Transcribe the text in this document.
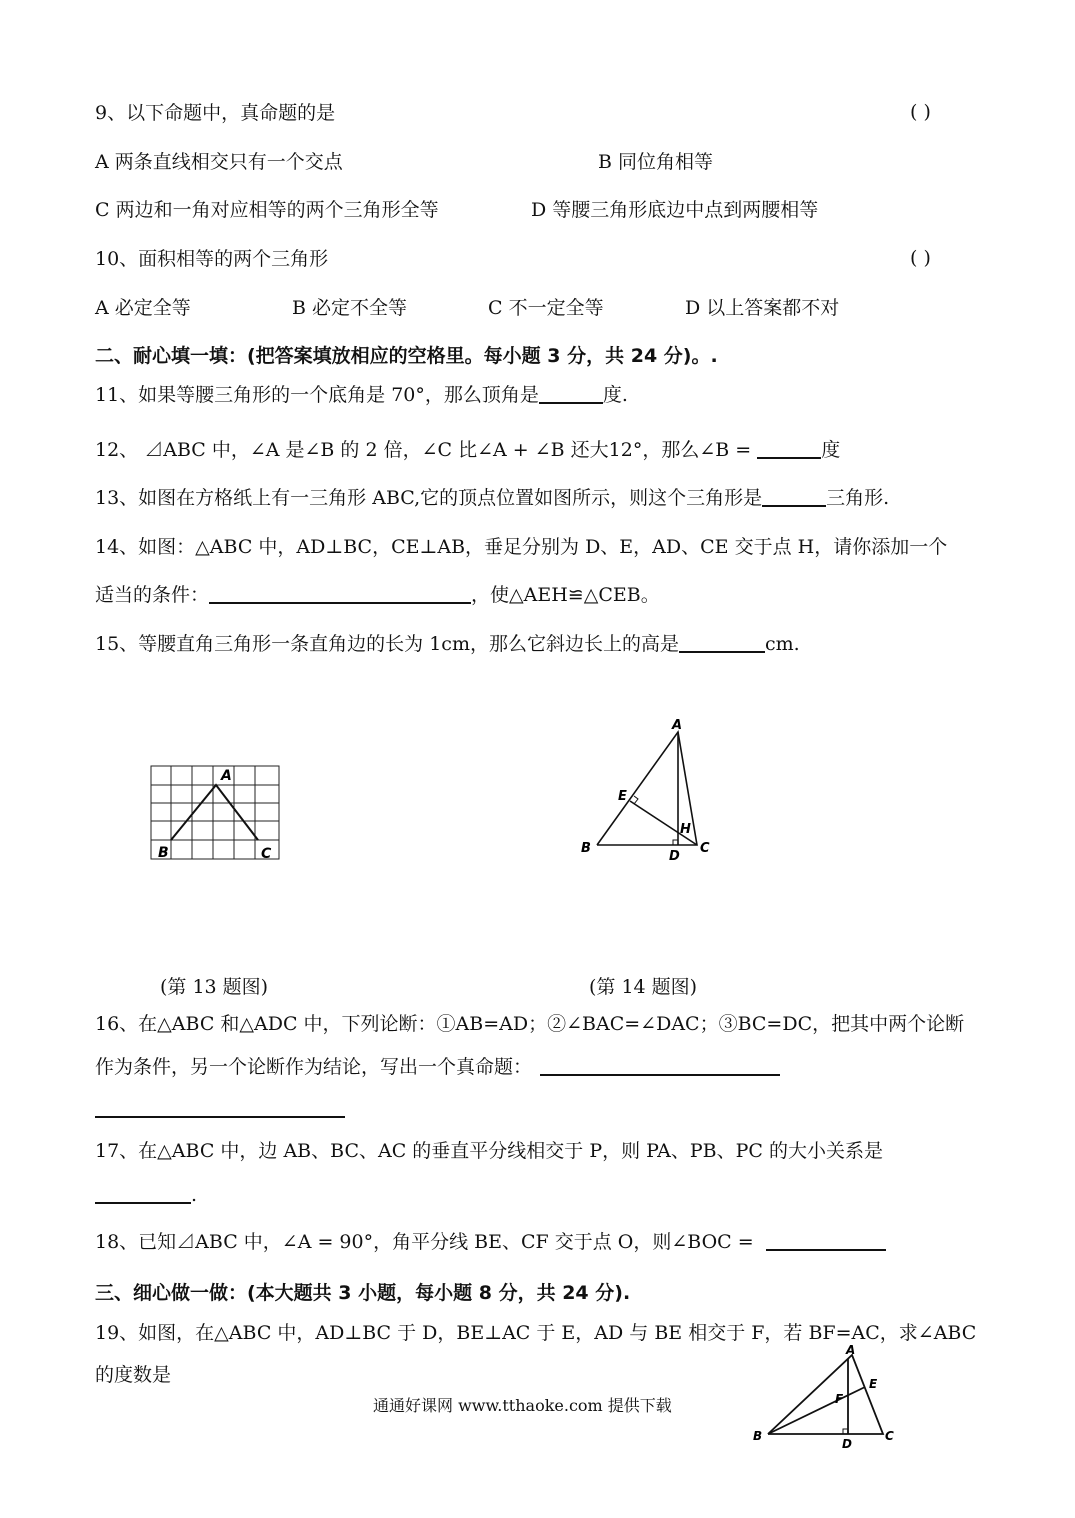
9、以下命题中，真命题的是	( )
A 两条直线相交只有一个交点	B 同位角相等
C 两边和一角对应相等的两个三角形全等	D 等腰三角形底边中点到两腰相等
10、面积相等的两个三角形	( )
A 必定全等	B 必定不全等	C 不一定全等	D 以上答案都不对
二、耐心填一填：(把答案填放相应的空格里。每小题 3 分，共 24 分)。.
11、如果等腰三角形的一个底角是 70°，那么顶角是	度.
12、 ⊿ABC 中，∠A 是∠B 的 2 倍，∠C 比∠A + ∠B 还大12°，那么∠B =	度
13、如图在方格纸上有一三角形 ABC,它的顶点位置如图所示，则这个三角形是	三角形.
14、如图：△ABC 中，AD⊥BC，CE⊥AB，垂足分别为 D、E，AD、CE 交于点 H，请你添加一个
适当的条件：	，使△AEH≌△CEB。
15、等腰直角三角形一条直角边的长为 1cm，那么它斜边长上的高是	cm.
A
B	C
A
B	C
D
E
H
(第 13 题图)	(第 14 题图)
16、在△ABC 和△ADC 中，下列论断：①AB=AD；②∠BAC=∠DAC；③BC=DC，把其中两个论断
作为条件，另一个论断作为结论，写出一个真命题：
17、在△ABC 中，边 AB、BC、AC 的垂直平分线相交于 P，则 PA、PB、PC 的大小关系是
.
18、已知⊿ABC 中，∠A = 90°，角平分线 BE、CF 交于点 O，则∠BOC =
三、细心做一做：(本大题共 3 小题，每小题 8 分，共 24 分).
19、如图，在△ABC 中，AD⊥BC 于 D，BE⊥AC 于 E，AD 与 BE 相交于 F，若 BF=AC，求∠ABC
的度数是
A
B	C
D
E
F
通通好课网 www.tthaoke.com 提供下载
